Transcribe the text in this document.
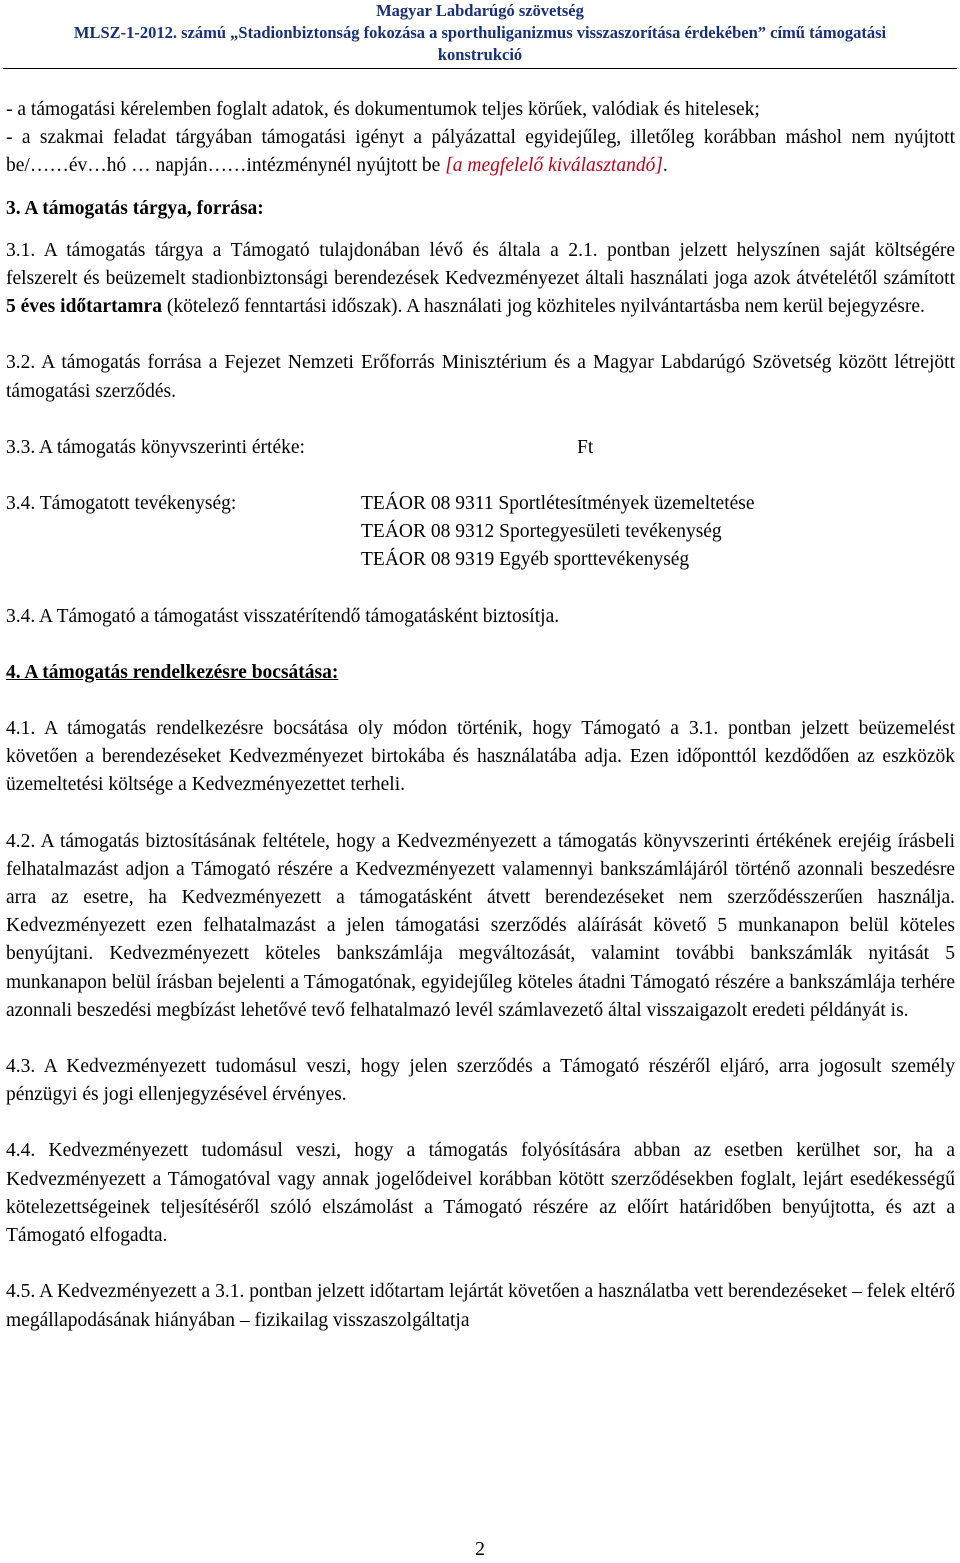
Magyar Labdarúgó szövetség
MLSZ-1-2012. számú „Stadionbiztonság fokozása a sporthuliganizmus visszaszorítása érdekében” című támogatási
konstrukció

- a támogatási kérelemben foglalt adatok, és dokumentumok teljes körűek, valódiak és hitelesek;

- a szakmai feladat tárgyában támogatási igényt a pályázattal egyidejűleg, illetőleg korábban máshol nem nyújtott be/……év…hó … napján……intézménynél nyújtott be [a megfelelő kiválasztandó].

3. A támogatás tárgya, forrása:

3.1. A támogatás tárgya a Támogató tulajdonában lévő és általa a 2.1. pontban jelzett helyszínen saját költségére felszerelt és beüzemelt stadionbiztonsági berendezések Kedvezményezet általi használati joga azok átvételétől számított 5 éves időtartamra (kötelező fenntartási időszak). A használati jog közhiteles nyilvántartásba nem kerül bejegyzésre.

3.2. A támogatás forrása a Fejezet Nemzeti Erőforrás Minisztérium és a Magyar Labdarúgó Szövetség között létrejött támogatási szerződés.

3.3. A támogatás könyvszerinti értéke:	Ft
3.4. Támogatott tevékenység:	TEÁOR 08 9311 Sportlétesítmények üzemeltetése
TEÁOR 08 9312 Sportegyesületi tevékenység
TEÁOR 08 9319 Egyéb sporttevékenység

3.4. A Támogató a támogatást visszatérítendő támogatásként biztosítja.

4. A támogatás rendelkezésre bocsátása:

4.1. A támogatás rendelkezésre bocsátása oly módon történik, hogy Támogató a 3.1. pontban jelzett beüzemelést követően a berendezéseket Kedvezményezet birtokába és használatába adja. Ezen időponttól kezdődően az eszközök üzemeltetési költsége a Kedvezményezettet terheli.

4.2. A támogatás biztosításának feltétele, hogy a Kedvezményezett a támogatás könyvszerinti értékének erejéig írásbeli felhatalmazást adjon a Támogató részére a Kedvezményezett valamennyi bankszámlájáról történő azonnali beszedésre arra az esetre, ha Kedvezményezett a támogatásként átvett berendezéseket nem szerződésszerűen használja. Kedvezményezett ezen felhatalmazást a jelen támogatási szerződés aláírását követő 5 munkanapon belül köteles benyújtani. Kedvezményezett köteles bankszámlája megváltozását, valamint további bankszámlák nyitását 5 munkanapon belül írásban bejelenti a Támogatónak, egyidejűleg köteles átadni Támogató részére a bankszámlája terhére azonnali beszedési megbízást lehetővé tevő felhatalmazó levél számlavezető által visszaigazolt eredeti példányát is.

4.3. A Kedvezményezett tudomásul veszi, hogy jelen szerződés a Támogató részéről eljáró, arra jogosult személy pénzügyi és jogi ellenjegyzésével érvényes.

4.4. Kedvezményezett tudomásul veszi, hogy a támogatás folyósítására abban az esetben kerülhet sor, ha a Kedvezményezett a Támogatóval vagy annak jogelődeivel korábban kötött szerződésekben foglalt, lejárt esedékességű kötelezettségeinek teljesítéséről szóló elszámolást a Támogató részére az előírt határidőben benyújtotta, és azt a Támogató elfogadta.

4.5. A Kedvezményezett a 3.1. pontban jelzett időtartam lejártát követően a használatba vett berendezéseket – felek eltérő megállapodásának hiányában – fizikailag visszaszolgáltatja

2
